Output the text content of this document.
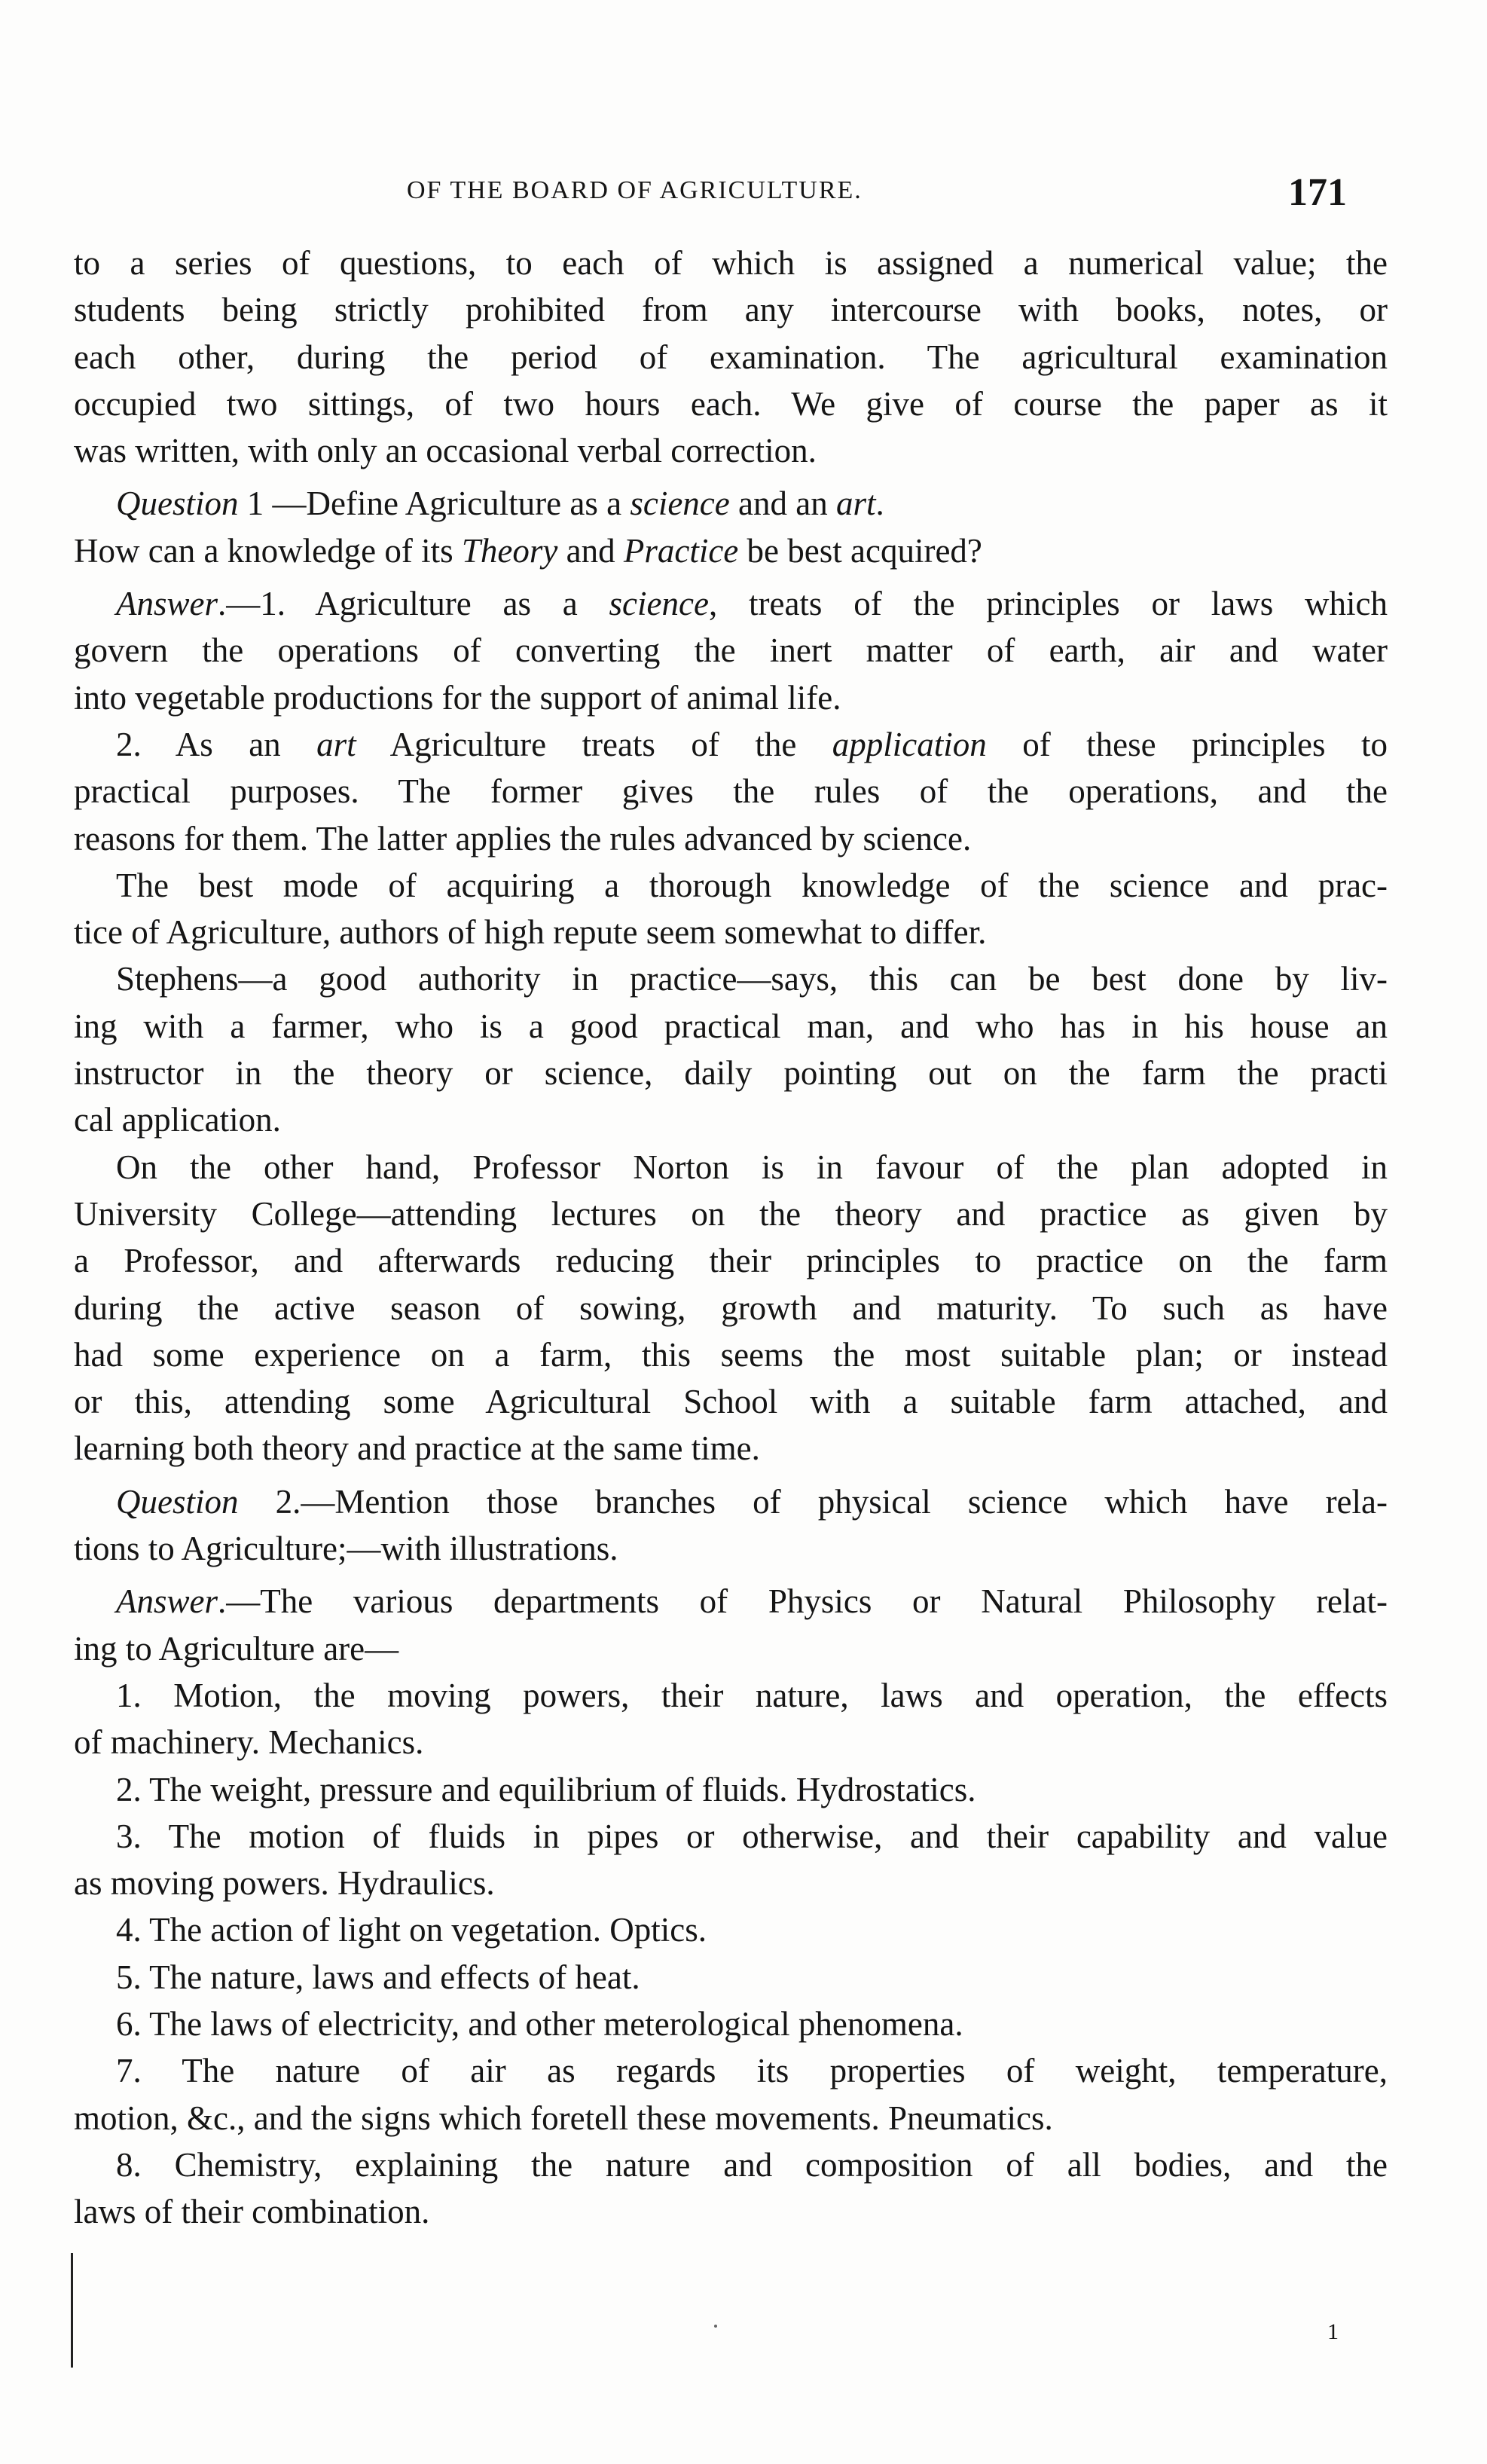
OF THE BOARD OF AGRICULTURE.	171
to a series of questions, to each of which is assigned a numerical value; the
students being strictly prohibited from any intercourse with books, notes, or
each other, during the period of examination. The agricultural examination
occupied two sittings, of two hours each. We give of course the paper as it
was written, with only an occasional verbal correction.
Question 1 —Define Agriculture as a science and an art.
How can a knowledge of its Theory and Practice be best acquired?
Answer.—1. Agriculture as a science, treats of the principles or laws which
govern the operations of converting the inert matter of earth, air and water
into vegetable productions for the support of animal life.
2. As an art Agriculture treats of the application of these principles to
practical purposes. The former gives the rules of the operations, and the
reasons for them. The latter applies the rules advanced by science.
The best mode of acquiring a thorough knowledge of the science and prac-
tice of Agriculture, authors of high repute seem somewhat to differ.
Stephens—a good authority in practice—says, this can be best done by liv-
ing with a farmer, who is a good practical man, and who has in his house an
instructor in the theory or science, daily pointing out on the farm the practi
cal application.
On the other hand, Professor Norton is in favour of the plan adopted in
University College—attending lectures on the theory and practice as given by
a Professor, and afterwards reducing their principles to practice on the farm
during the active season of sowing, growth and maturity. To such as have
had some experience on a farm, this seems the most suitable plan; or instead
or this, attending some Agricultural School with a suitable farm attached, and
learning both theory and practice at the same time.
Question 2.—Mention those branches of physical science which have rela-
tions to Agriculture;—with illustrations.
Answer.—The various departments of Physics or Natural Philosophy relat-
ing to Agriculture are—
1. Motion, the moving powers, their nature, laws and operation, the effects
of machinery. Mechanics.
2. The weight, pressure and equilibrium of fluids. Hydrostatics.
3. The motion of fluids in pipes or otherwise, and their capability and value
as moving powers. Hydraulics.
4. The action of light on vegetation. Optics.
5. The nature, laws and effects of heat.
6. The laws of electricity, and other meterological phenomena.
7. The nature of air as regards its properties of weight, temperature,
motion, &c., and the signs which foretell these movements. Pneumatics.
8. Chemistry, explaining the nature and composition of all bodies, and the
laws of their combination.
1
